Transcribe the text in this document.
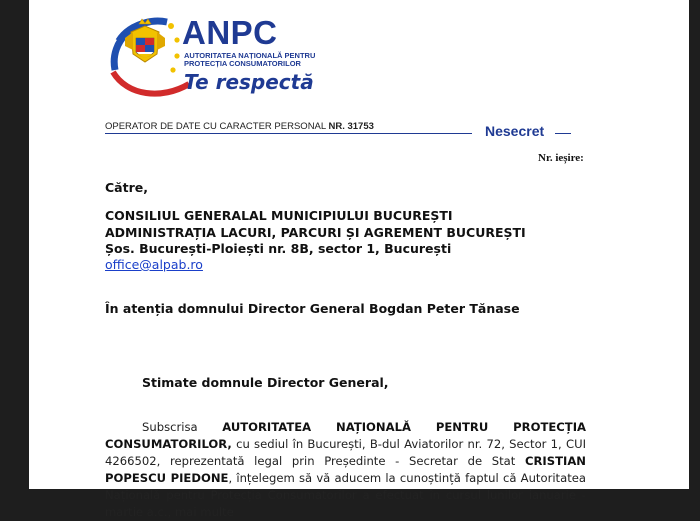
ANPC
AUTORITATEA NAȚIONALĂ PENTRU
PROTECȚIA CONSUMATORILOR
Te respectă
OPERATOR DE DATE CU CARACTER PERSONAL NR. 31753	Nesecret
Nr. ieșire:
Către,
CONSILIUL GENERALAL MUNICIPIULUI BUCUREȘTI
ADMINISTRAȚIA LACURI, PARCURI ȘI AGREMENT BUCUREȘTI
Șos. București-Ploiești nr. 8B, sector 1, București
office@alpab.ro
În atenția domnului Director General Bogdan Peter Tănase
Stimate domnule Director General,
Subscrisa AUTORITATEA NAȚIONALĂ PENTRU PROTECȚIA CONSUMATORILOR, cu sediul în București, B-dul Aviatorilor nr. 72, Sector 1, CUI 4266502, reprezentată legal prin Președinte - Secretar de Stat CRISTIAN POPESCU PIEDONE, înțelegem să vă aducem la cunoștință faptul că Autoritatea Națională pentru Protecția Consumatorilor a efectuat în cursul lunilor ianuarie - martie a.c., mai multe
